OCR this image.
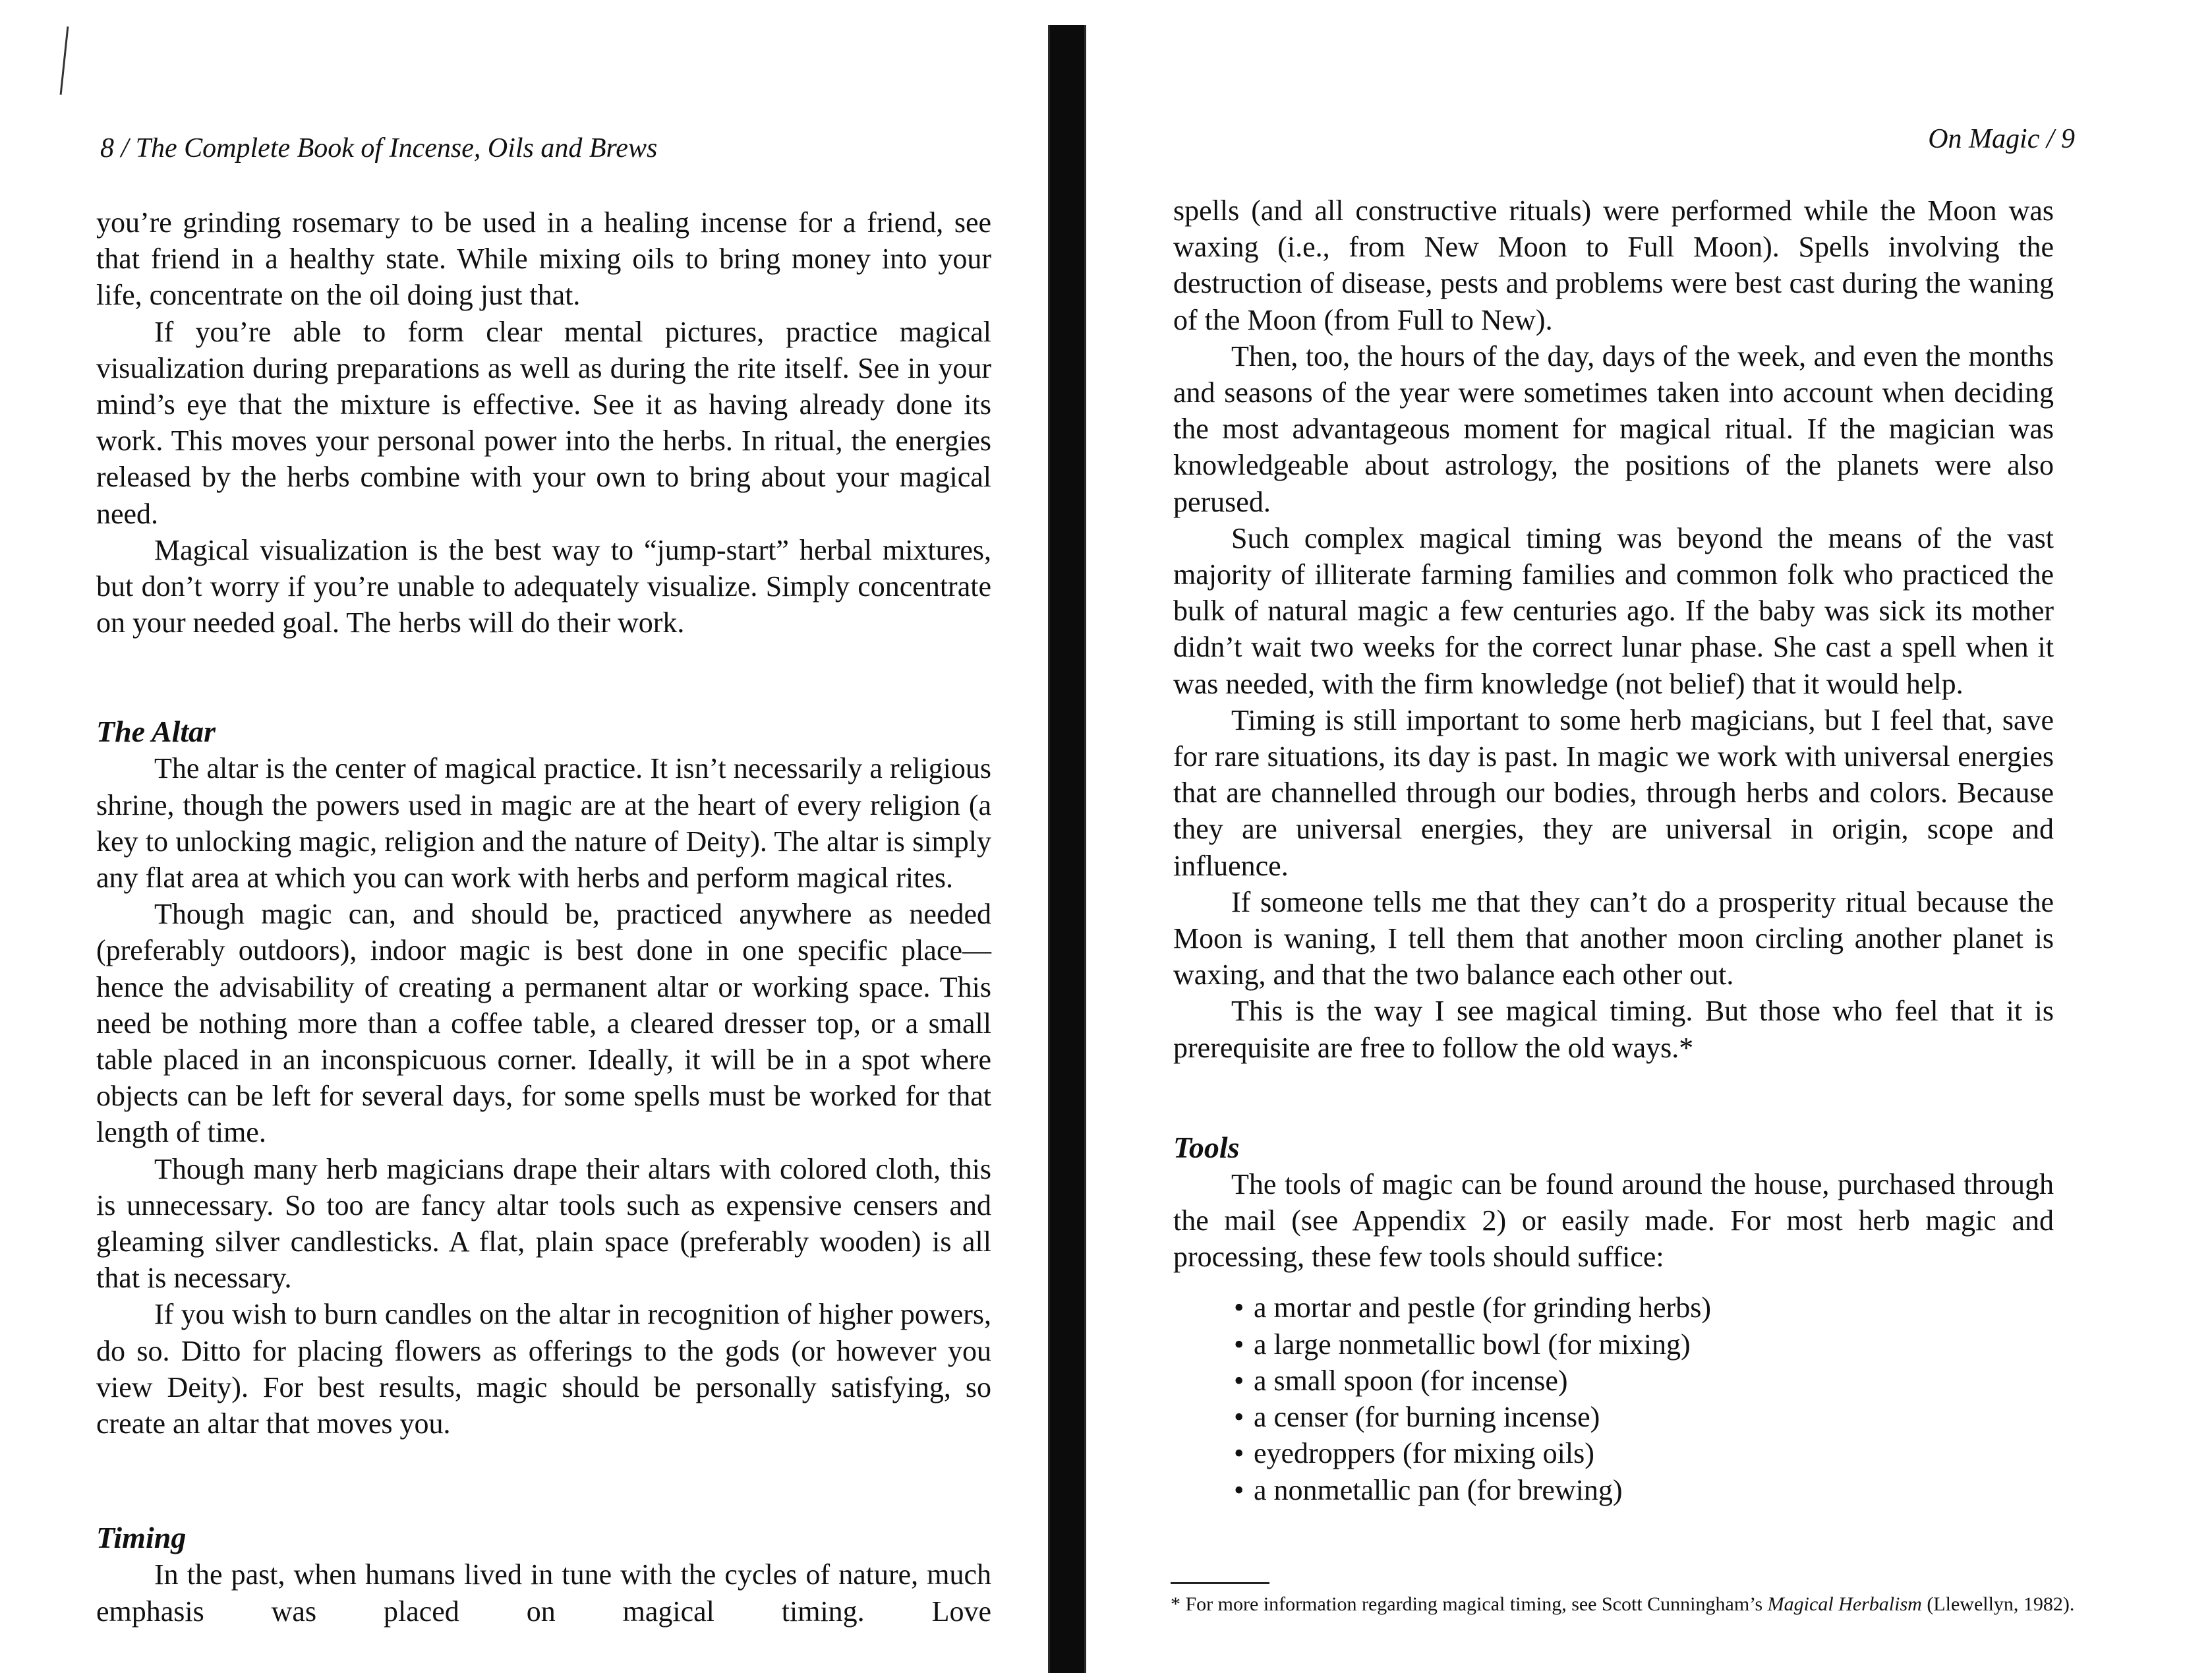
8 / The Complete Book of Incense, Oils and Brews

you’re grinding rosemary to be used in a healing incense for a friend, see that friend in a healthy state. While mixing oils to bring money into your life, concentrate on the oil doing just that.

If you’re able to form clear mental pictures, practice magical visualization during preparations as well as during the rite itself. See in your mind’s eye that the mixture is effective. See it as having already done its work. This moves your personal power into the herbs. In ritual, the energies released by the herbs combine with your own to bring about your magical need.

Magical visualization is the best way to “jump-start” herbal mixtures, but don’t worry if you’re unable to adequately visualize. Simply concentrate on your needed goal. The herbs will do their work.

The Altar

The altar is the center of magical practice. It isn’t necessarily a religious shrine, though the powers used in magic are at the heart of every religion (a key to unlocking magic, religion and the nature of Deity). The altar is simply any flat area at which you can work with herbs and perform magical rites.

Though magic can, and should be, practiced anywhere as needed (preferably outdoors), indoor magic is best done in one specific place—hence the advisability of creating a permanent altar or working space. This need be nothing more than a coffee table, a cleared dresser top, or a small table placed in an inconspicuous corner. Ideally, it will be in a spot where objects can be left for several days, for some spells must be worked for that length of time.

Though many herb magicians drape their altars with colored cloth, this is unnecessary. So too are fancy altar tools such as expensive censers and gleaming silver candlesticks. A flat, plain space (preferably wooden) is all that is necessary.

If you wish to burn candles on the altar in recognition of higher powers, do so. Ditto for placing flowers as offerings to the gods (or however you view Deity). For best results, magic should be personally satisfying, so create an altar that moves you.

Timing

In the past, when humans lived in tune with the cycles of nature, much emphasis was placed on magical timing. Love

On Magic / 9

spells (and all constructive rituals) were performed while the Moon was waxing (i.e., from New Moon to Full Moon). Spells involving the destruction of disease, pests and problems were best cast during the waning of the Moon (from Full to New).

Then, too, the hours of the day, days of the week, and even the months and seasons of the year were sometimes taken into account when deciding the most advantageous moment for magical ritual. If the magician was knowledgeable about astrology, the positions of the planets were also perused.

Such complex magical timing was beyond the means of the vast majority of illiterate farming families and common folk who practiced the bulk of natural magic a few centuries ago. If the baby was sick its mother didn’t wait two weeks for the correct lunar phase. She cast a spell when it was needed, with the firm knowledge (not belief) that it would help.

Timing is still important to some herb magicians, but I feel that, save for rare situations, its day is past. In magic we work with universal energies that are channelled through our bodies, through herbs and colors. Because they are universal energies, they are universal in origin, scope and influence.

If someone tells me that they can’t do a prosperity ritual because the Moon is waning, I tell them that another moon circling another planet is waxing, and that the two balance each other out.

This is the way I see magical timing. But those who feel that it is prerequisite are free to follow the old ways.*

Tools

The tools of magic can be found around the house, purchased through the mail (see Appendix 2) or easily made. For most herb magic and processing, these few tools should suffice:

• a mortar and pestle (for grinding herbs)
• a large nonmetallic bowl (for mixing)
• a small spoon (for incense)
• a censer (for burning incense)
• eyedroppers (for mixing oils)
• a nonmetallic pan (for brewing)
* For more information regarding magical timing, see Scott Cunningham’s Magical Herbalism (Llewellyn, 1982).
